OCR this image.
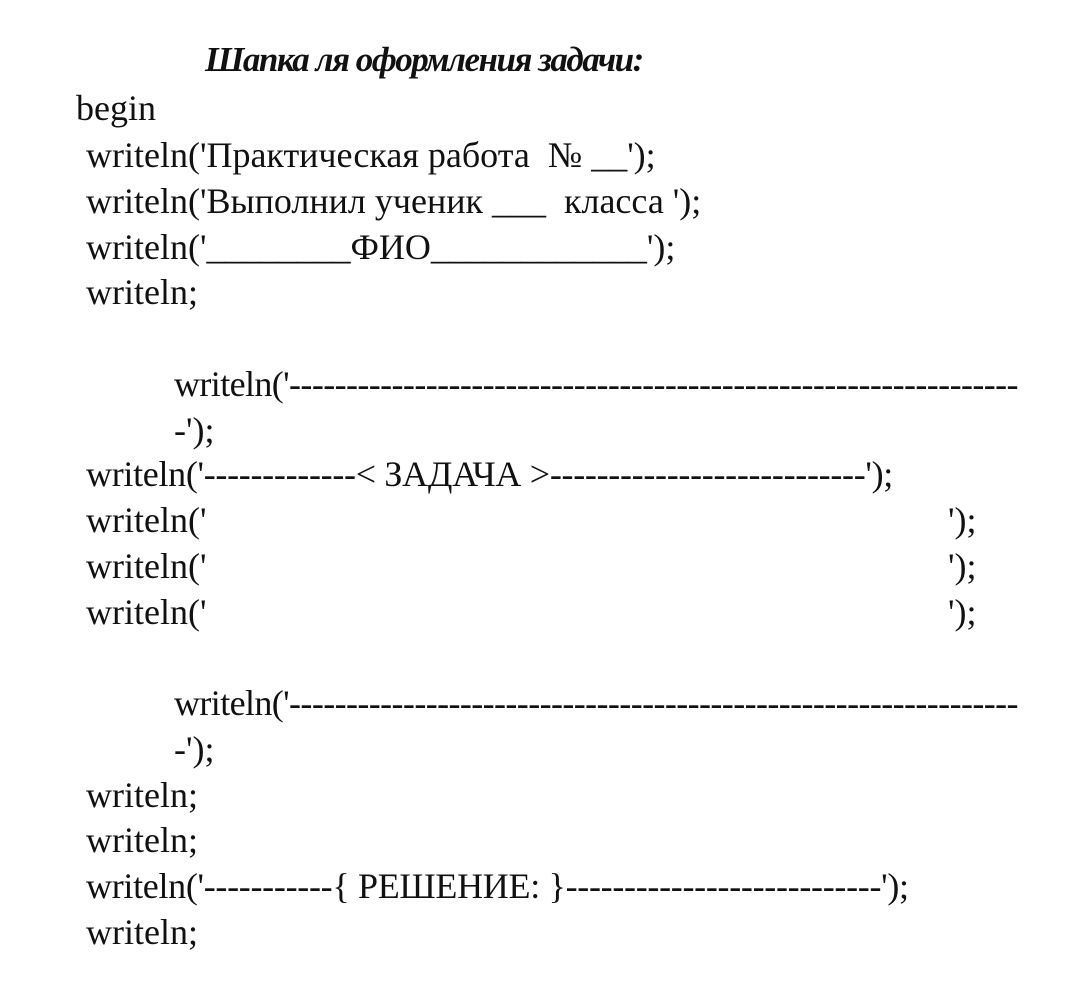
Шапка ля оформления задачи:
begin
writeln('Практическая работа  № __');
writeln('Выполнил ученик ___  класса ');
writeln('________ФИО____________');
writeln;
writeln('----------------------------------------------------------------
-');
writeln('-------------< ЗАДАЧА >---------------------------');
writeln('	');
writeln('	');
writeln('	');
writeln('----------------------------------------------------------------
-');
writeln;
writeln;
writeln('-----------{ РЕШЕНИЕ: }---------------------------');
writeln;
